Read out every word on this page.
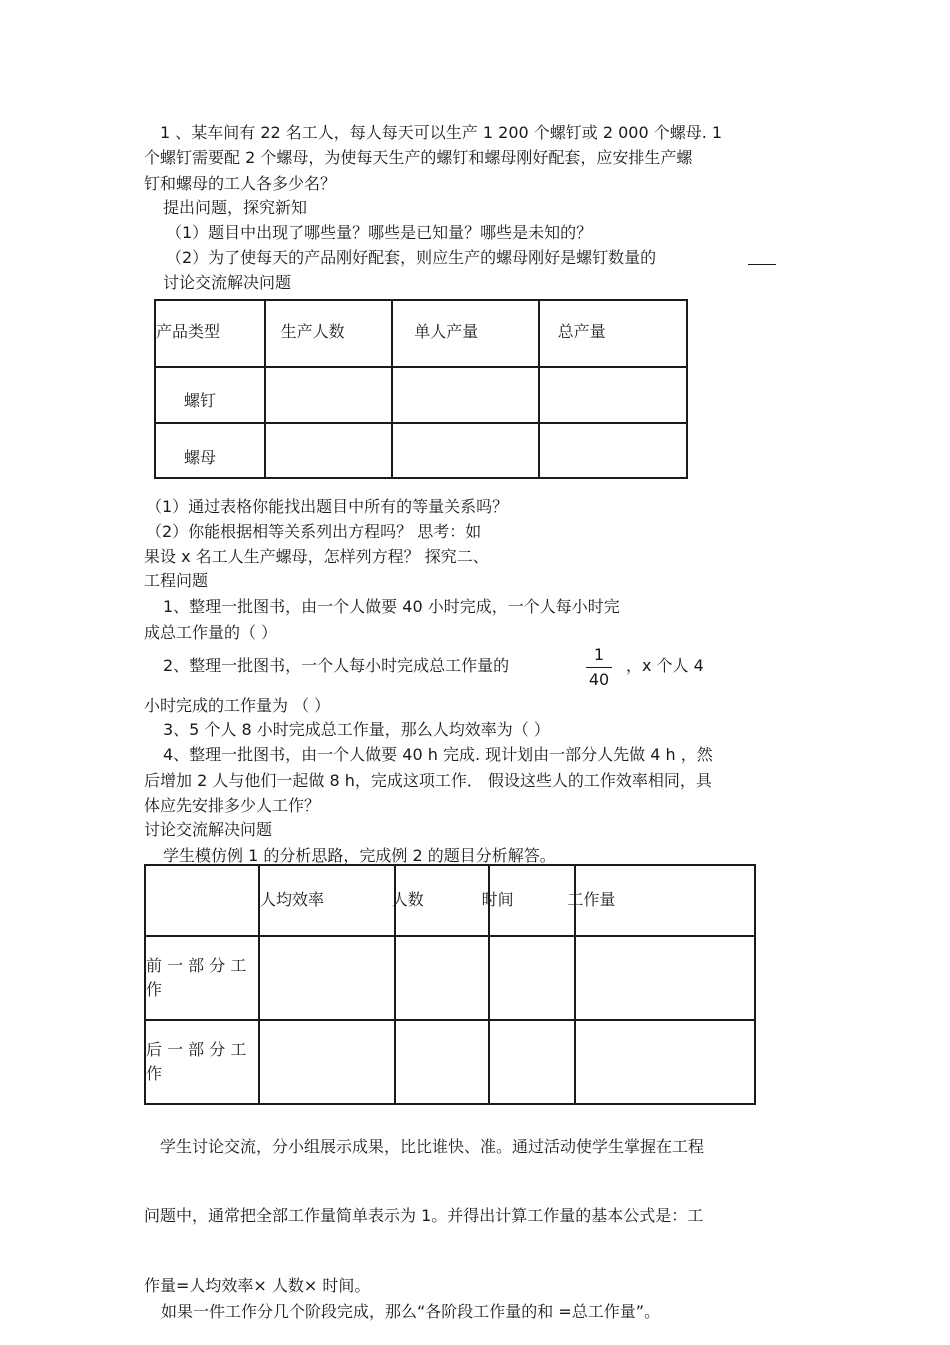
1 、某车间有 22 名工人，每人每天可以生产 1 200 个螺钉或 2 000 个螺母. 1
个螺钉需要配 2 个螺母，为使每天生产的螺钉和螺母刚好配套，应安排生产螺
钉和螺母的工人各多少名？
提出问题，探究新知
（1）题目中出现了哪些量？哪些是已知量？哪些是未知的？
（2）为了使每天的产品刚好配套，则应生产的螺母刚好是螺钉数量的
讨论交流解决问题
产品类型	生产人数	单人产量	总产量

螺钉			

螺母			

（1）通过表格你能找出题目中所有的等量关系吗？
（2）你能根据相等关系列出方程吗？ 思考：如
果设 x 名工人生产螺母，怎样列方程？ 探究二、
工程问题
1、整理一批图书，由一个人做要 40 小时完成，一个人每小时完
成总工作量的（ ）
2、整理一批图书，一个人每小时完成总工作量的
1
40
，x 个人 4
小时完成的工作量为 （ ）
3、5 个人 8 小时完成总工作量，那么人均效率为（ ）
4、整理一批图书，由一个人做要 40 h 完成. 现计划由一部分人先做 4 h ，然
后增加 2 人与他们一起做 8 h，完成这项工作． 假设这些人的工作效率相同，具
体应先安排多少人工作？
讨论交流解决问题
学生模仿例 1 的分析思路，完成例 2 的题目分析解答。

	人均效率	人数	时间	工作量

前 一 部 分 工作				

后 一 部 分 工作				

学生讨论交流，分小组展示成果，比比谁快、准。通过活动使学生掌握在工程
问题中，通常把全部工作量简单表示为 1。并得出计算工作量的基本公式是：工
作量=人均效率× 人数× 时间。
如果一件工作分几个阶段完成，那么“各阶段工作量的和 =总工作量”。
